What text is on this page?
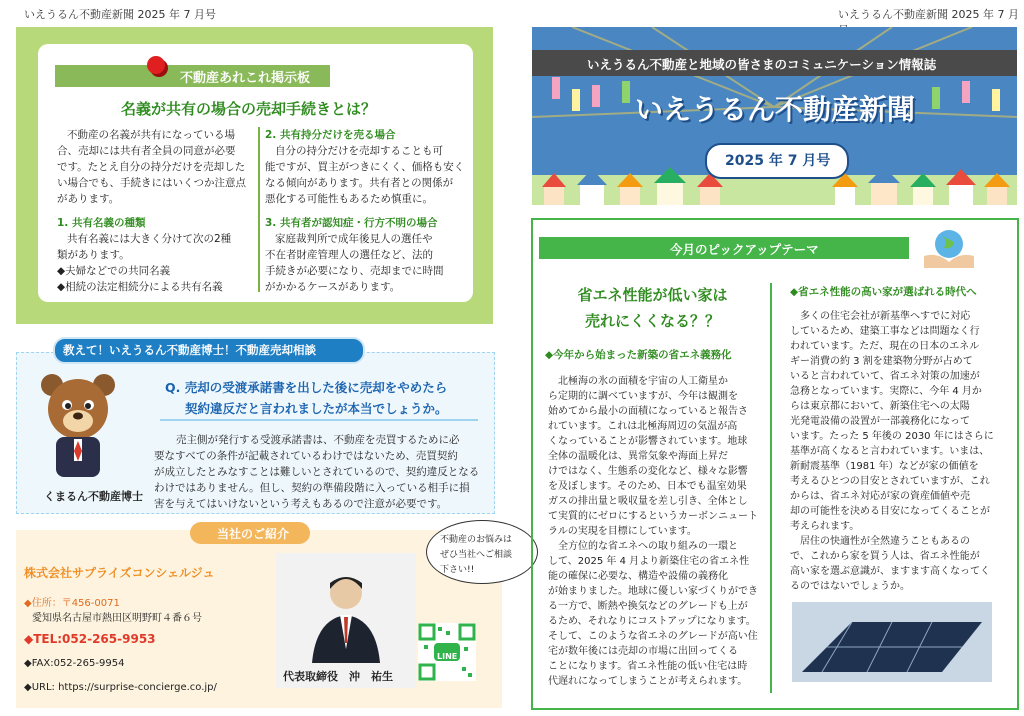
いえうるん不動産新聞 2025 年 7 月号	いえうるん不動産新聞 2025 年 7 月
不動産あれこれ掲示板
名義が共有の場合の売却手続きとは？
不動産の名義が共有になっている場
合、売却には共有者全員の同意が必要
です。たとえ自分の持分だけを売却した
い場合でも、手続きにはいくつか注意点
があります。
1. 共有名義の種類
共有名義には大きく分けて次の2種
類があります。
◆夫婦などでの共同名義
◆相続の法定相続分による共有名義
2. 共有持分だけを売る場合
自分の持分だけを売却することも可
能ですが、買主がつきにくく、価格も安く
なる傾向があります。共有者との関係が
悪化する可能性もあるため慎重に。
3. 共有者が認知症・行方不明の場合
家庭裁判所で成年後見人の選任や
不在者財産管理人の選任など、法的
手続きが必要になり、売却までに時間
がかかるケースがあります。
教えて！いえうるん不動産博士！不動産売却相談
くまるん不動産博士
Q. 売却の受渡承諾書を出した後に売却をやめたら
契約違反だと言われましたが本当でしょうか。
売主側が発行する受渡承諾書は、不動産を売買するために必
要なすべての条件が記載されているわけではないため、売買契約
が成立したとみなすことは難しいとされているので、契約違反となる
わけではありません。但し、契約の準備段階に入っている相手に損
害を与えてはいけないという考えもあるので注意が必要です。
当社のご紹介
株式会社サプライズコンシェルジュ
◆住所：〒456-0071
愛知県名古屋市熱田区明野町４番６号
◆TEL:052-265-9953
◆FAX:052-265-9954
◆URL: https://surprise-concierge.co.jp/
代表取締役　沖　祐生
LINE
不動産のお悩みは
ぜひ当社へご相談
下さい!!
いえうるん不動産と地域の皆さまのコミュニケーション情報誌
いえうるん不動産新聞
2025 年 7 月号
今月のピックアップテーマ
省エネ性能が低い家は
売れにくくなる？？
◆今年から始まった新築の省エネ義務化
北極海の氷の面積を宇宙の人工衛星か
ら定期的に調べていますが、今年は観測を
始めてから最小の面積になっていると報告さ
れています。これは北極海周辺の気温が高
くなっていることが影響されています。地球
全体の温暖化は、異常気象や海面上昇だ
けではなく、生態系の変化など、様々な影響
を及ぼします。そのため、日本でも温室効果
ガスの排出量と吸収量を差し引き、全体とし
て実質的にゼロにするというカーボンニュート
ラルの実現を目標にしています。
全方位的な省エネへの取り組みの一環と
して、2025 年 4 月より新築住宅の省エネ性
能の確保に必要な、構造や設備の義務化
が始まりました。地球に優しい家づくりができ
る一方で、断熱や換気などのグレードも上が
るため、それなりにコストアップになります。
そして、このような省エネのグレードが高い住
宅が数年後には売却の市場に出回ってくる
ことになります。省エネ性能の低い住宅は時
代遅れになってしまうことが考えられます。
◆省エネ性能の高い家が選ばれる時代へ
多くの住宅会社が新基準へすでに対応
しているため、建築工事などは問題なく行
われています。ただ、現在の日本のエネル
ギー消費の約 3 割を建築物分野が占めて
いると言われていて、省エネ対策の加速が
急務となっています。実際に、今年 4 月か
らは東京都において、新築住宅への太陽
光発電設備の設置が一部義務化になって
います。たった 5 年後の 2030 年にはさらに
基準が高くなると言われています。いまは、
新耐震基準（1981 年）などが家の価値を
考えるひとつの目安とされていますが、これ
からは、省エネ対応が家の資産価値や売
却の可能性を決める目安になってくることが
考えられます。
居住の快適性が全然違うこともあるの
で、これから家を買う人は、省エネ性能が
高い家を選ぶ意識が、ますます高くなってく
るのではないでしょうか。
